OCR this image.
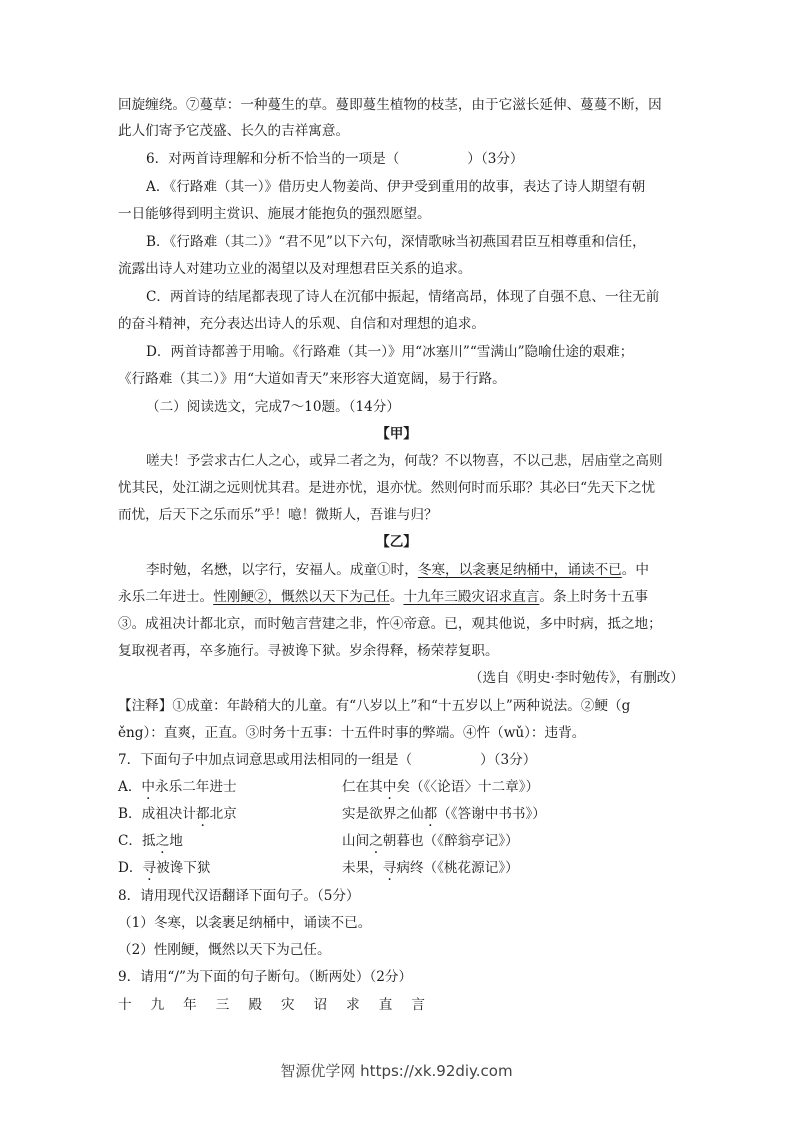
回旋缠绕。⑦蔓草：一种蔓生的草。蔓即蔓生植物的枝茎，由于它滋长延伸、蔓蔓不断，因
此人们寄予它茂盛、长久的吉祥寓意。
6．对两首诗理解和分析不恰当的一项是（　　　　　）（3分）
A．《行路难（其一）》借历史人物姜尚、伊尹受到重用的故事，表达了诗人期望有朝
一日能够得到明主赏识、施展才能抱负的强烈愿望。
B．《行路难（其二）》“君不见”以下六句，深情歌咏当初燕国君臣互相尊重和信任，
流露出诗人对建功立业的渴望以及对理想君臣关系的追求。
C．两首诗的结尾都表现了诗人在沉郁中振起，情绪高昂，体现了自强不息、一往无前
的奋斗精神，充分表达出诗人的乐观、自信和对理想的追求。
D．两首诗都善于用喻。《行路难（其一）》用“冰塞川”“雪满山”隐喻仕途的艰难；
《行路难（其二）》用“大道如青天”来形容大道宽阔，易于行路。
（二）阅读选文，完成7～10题。（14分）
【甲】
嗟夫！予尝求古仁人之心，或异二者之为，何哉？不以物喜，不以己悲，居庙堂之高则
忧其民，处江湖之远则忧其君。是进亦忧，退亦忧。然则何时而乐耶？其必曰“先天下之忧
而忧，后天下之乐而乐”乎！噫！微斯人，吾谁与归？
【乙】
李时勉，名懋，以字行，安福人。成童①时，冬寒，以衾裹足纳桶中，诵读不已。中
永乐二年进士。性刚鲠②，慨然以天下为己任。十九年三殿灾诏求直言。条上时务十五事
③。成祖决计都北京，而时勉言营建之非，忤④帝意。已，观其他说，多中时病，抵之地；
复取视者再，卒多施行。寻被谗下狱。岁余得释，杨荣荐复职。
（选自《明史·李时勉传》，有删改）
【注释】①成童：年龄稍大的儿童。有“八岁以上”和“十五岁以上”两种说法。②鲠（g
ěng）：直爽，正直。③时务十五事：十五件时事的弊端。④忤（wǔ）：违背。
7．下面句子中加点词意思或用法相同的一组是（　　　　　）（3分）
A．中永乐二年进士	仁在其中矣（《〈论语〉十二章》）
B．成祖决计都北京	实是欲界之仙都（《答谢中书书》）
C．抵之地	山间之朝暮也（《醉翁亭记》）
D．寻被谗下狱	未果，寻病终（《桃花源记》）
8．请用现代汉语翻译下面句子。（5分）
（1）冬寒，以衾裹足纳桶中，诵读不已。
（2）性刚鲠，慨然以天下为己任。
9．请用“/”为下面的句子断句。（断两处）（2分）
十九年三殿灾诏求直言
智源优学网 https://xk.92diy.com
